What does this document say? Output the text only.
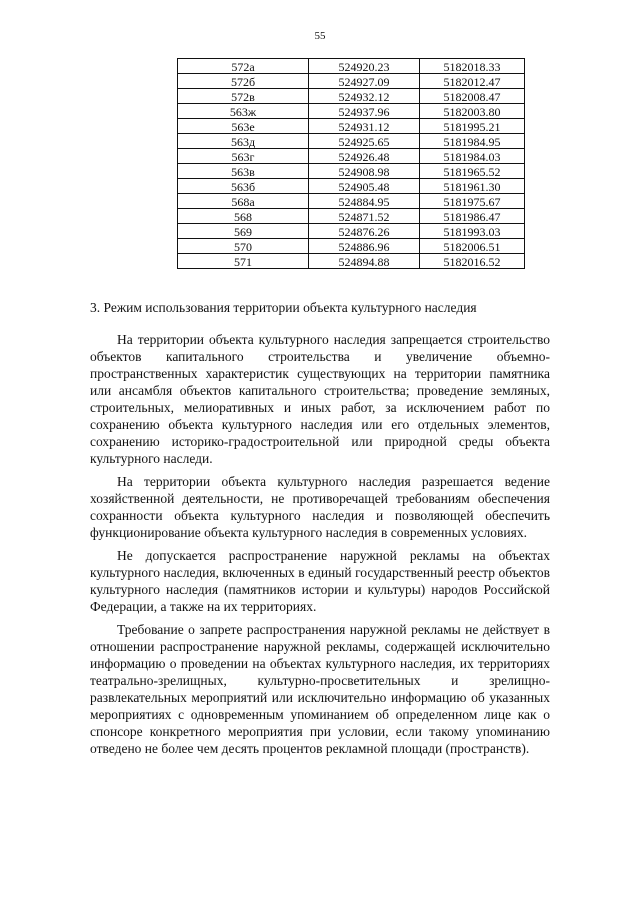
55
572а	524920.23	5182018.33
572б	524927.09	5182012.47
572в	524932.12	5182008.47
563ж	524937.96	5182003.80
563е	524931.12	5181995.21
563д	524925.65	5181984.95
563г	524926.48	5181984.03
563в	524908.98	5181965.52
563б	524905.48	5181961.30
568а	524884.95	5181975.67
568	524871.52	5181986.47
569	524876.26	5181993.03
570	524886.96	5182006.51
571	524894.88	5182016.52
3. Режим использования территории объекта культурного наследия

На территории объекта культурного наследия запрещается строительство объектов капитального строительства и увеличение объемно-пространственных характеристик существующих на территории памятника или ансамбля объектов капитального строительства; проведение земляных, строительных, мелиоративных и иных работ, за исключением работ по сохранению объекта культурного наследия или его отдельных элементов, сохранению историко-градостроительной или природной среды объекта культурного наследи.

На территории объекта культурного наследия разрешается ведение хозяйственной деятельности, не противоречащей требованиям обеспечения сохранности объекта культурного наследия и позволяющей обеспечить функционирование объекта культурного наследия в современных условиях.

Не допускается распространение наружной рекламы на объектах культурного наследия, включенных в единый государственный реестр объектов культурного наследия (памятников истории и культуры) народов Российской Федерации, а также на их территориях.

Требование о запрете распространения наружной рекламы не действует в отношении распространение наружной рекламы, содержащей исключительно информацию о проведении на объектах культурного наследия, их территориях театрально-зрелищных, культурно-просветительных и зрелищно-развлекательных мероприятий или исключительно информацию об указанных мероприятиях с одновременным упоминанием об определенном лице как о спонсоре конкретного мероприятия при условии, если такому упоминанию отведено не более чем десять процентов рекламной площади (пространств).
